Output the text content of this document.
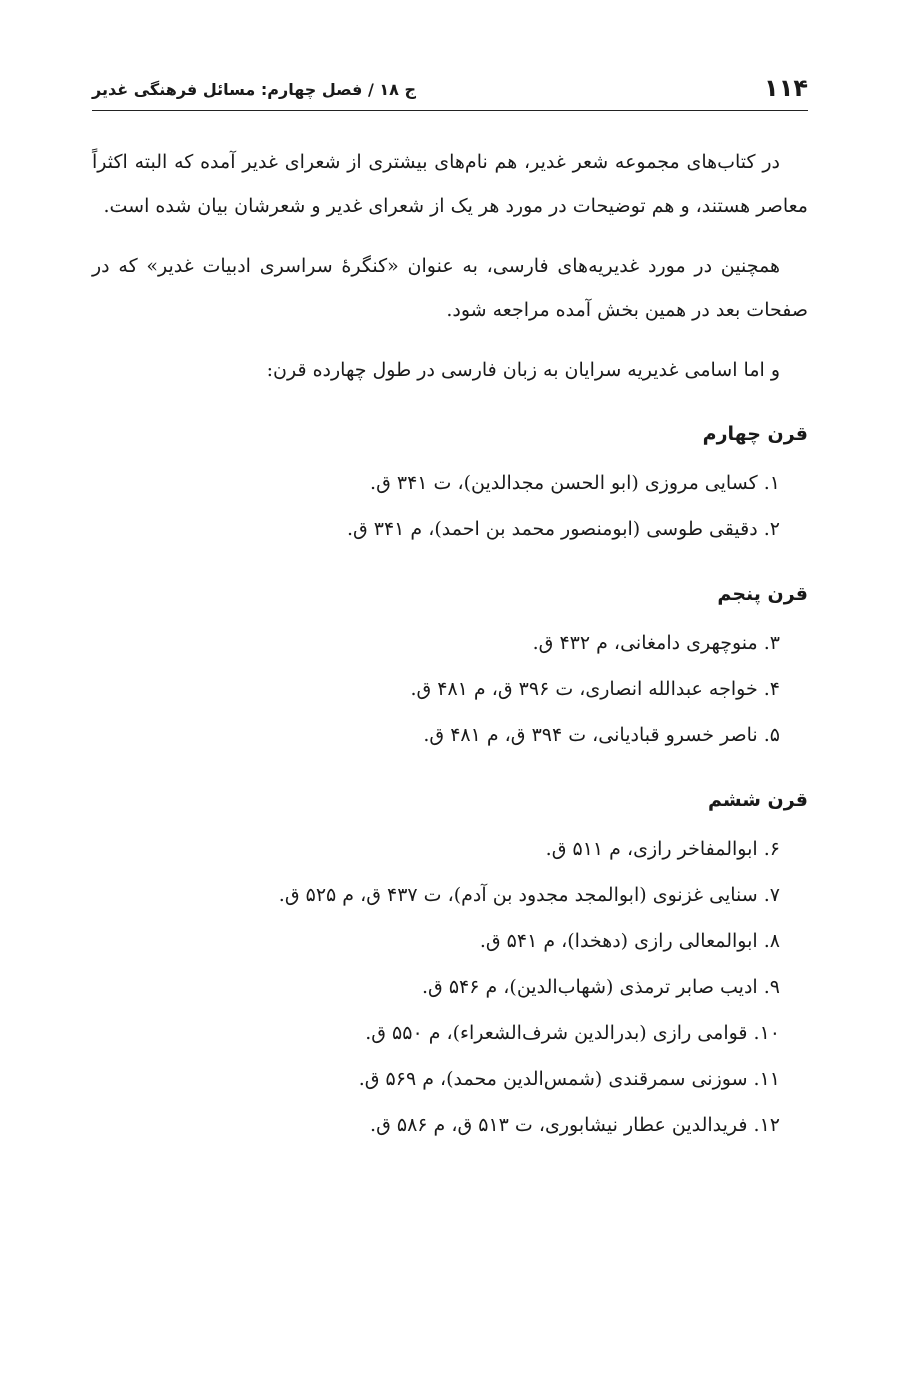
۱۱۴
ج ۱۸ / فصل چهارم: مسائل فرهنگی غدیر

در کتاب‌های مجموعه شعر غدیر، هم نام‌های بیشتری از شعرای غدیر آمده که البته اکثراً معاصر هستند، و هم توضیحات در مورد هر یک از شعرای غدیر و شعرشان بیان شده است.

همچنین در مورد غدیریه‌های فارسی، به عنوان «کنگرهٔ سراسری ادبیات غدیر» که در صفحات بعد در همین بخش آمده مراجعه شود.

و اما اسامی غدیریه سرایان به زبان فارسی در طول چهارده قرن:

قرن چهارم
۱. کسایی مروزی (ابو الحسن مجدالدین)، ت ۳۴۱ ق.
۲. دقیقی طوسی (ابومنصور محمد بن احمد)، م ۳۴۱ ق.
قرن پنجم
۳. منوچهری دامغانی، م ۴۳۲ ق.
۴. خواجه عبدالله انصاری، ت ۳۹۶ ق، م ۴۸۱ ق.
۵. ناصر خسرو قبادیانی، ت ۳۹۴ ق، م ۴۸۱ ق.
قرن ششم
۶. ابوالمفاخر رازی، م ۵۱۱ ق.
۷. سنایی غزنوی (ابوالمجد مجدود بن آدم)، ت ۴۳۷ ق، م ۵۲۵ ق.
۸. ابوالمعالی رازی (دهخدا)، م ۵۴۱ ق.
۹. ادیب صابر ترمذی (شهاب‌الدین)، م ۵۴۶ ق.
۱۰. قوامی رازی (بدرالدین شرف‌الشعراء)، م ۵۵۰ ق.
۱۱. سوزنی سمرقندی (شمس‌الدین محمد)، م ۵۶۹ ق.
۱۲. فریدالدین عطار نیشابوری، ت ۵۱۳ ق، م ۵۸۶ ق.
